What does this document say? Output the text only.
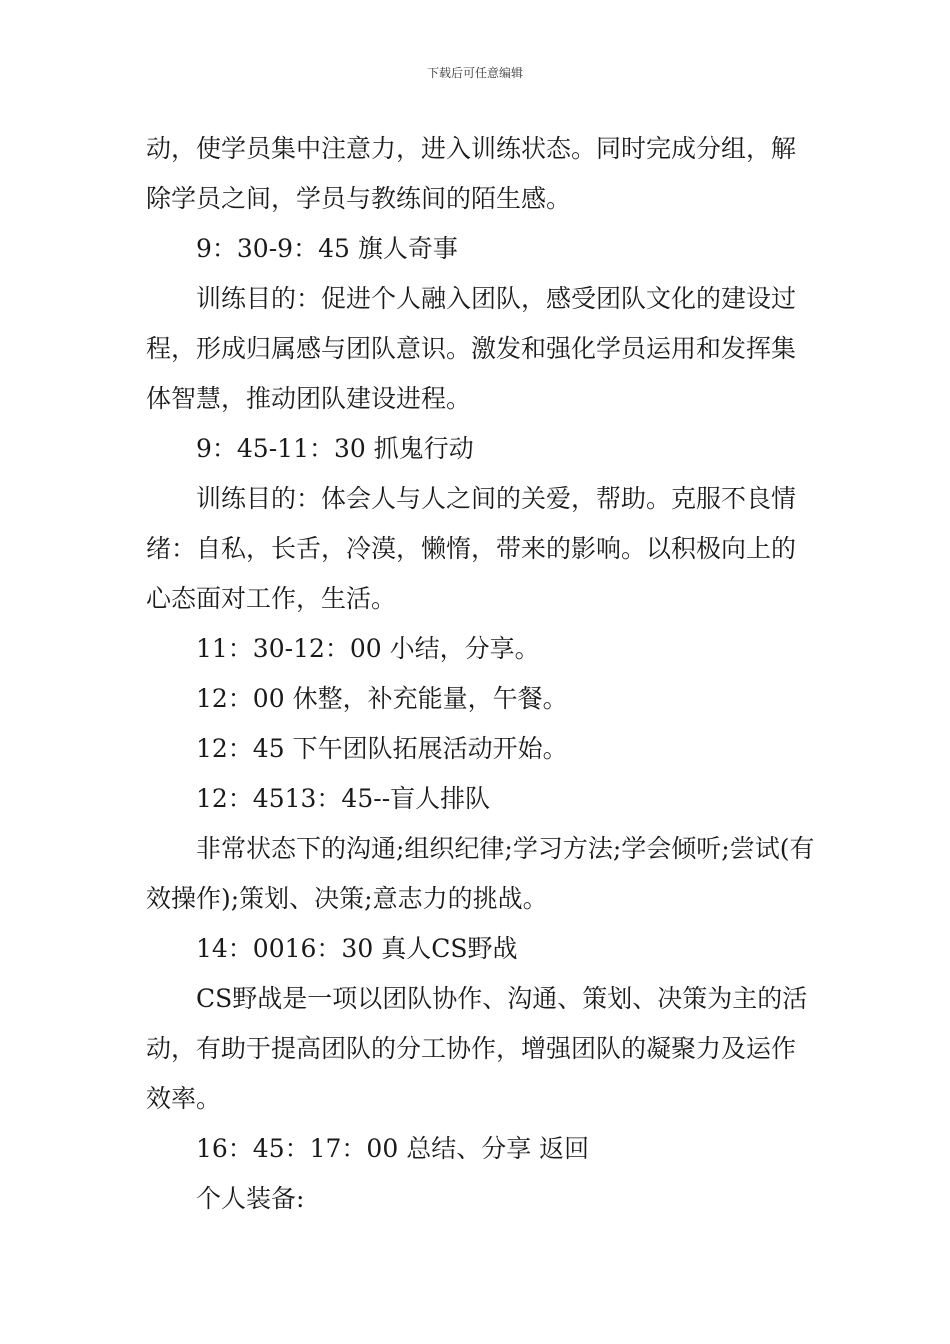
下载后可任意编辑

动，使学员集中注意力，进入训练状态。同时完成分组，解除学员之间，学员与教练间的陌生感。

9：30-9：45 旗人奇事

训练目的：促进个人融入团队，感受团队文化的建设过程，形成归属感与团队意识。激发和强化学员运用和发挥集体智慧，推动团队建设进程。

9：45-11：30 抓鬼行动

训练目的：体会人与人之间的关爱，帮助。克服不良情绪：自私，长舌，冷漠，懒惰，带来的影响。以积极向上的心态面对工作，生活。

11：30-12：00 小结，分享。

12：00 休整，补充能量，午餐。

12：45 下午团队拓展活动开始。

12：4513：45--盲人排队

非常状态下的沟通;组织纪律;学习方法;学会倾听;尝试(有效操作);策划、决策;意志力的挑战。

14：0016：30 真人CS野战

CS野战是一项以团队协作、沟通、策划、决策为主的活动，有助于提高团队的分工协作，增强团队的凝聚力及运作效率。

16：45：17：00 总结、分享 返回

个人装备:
